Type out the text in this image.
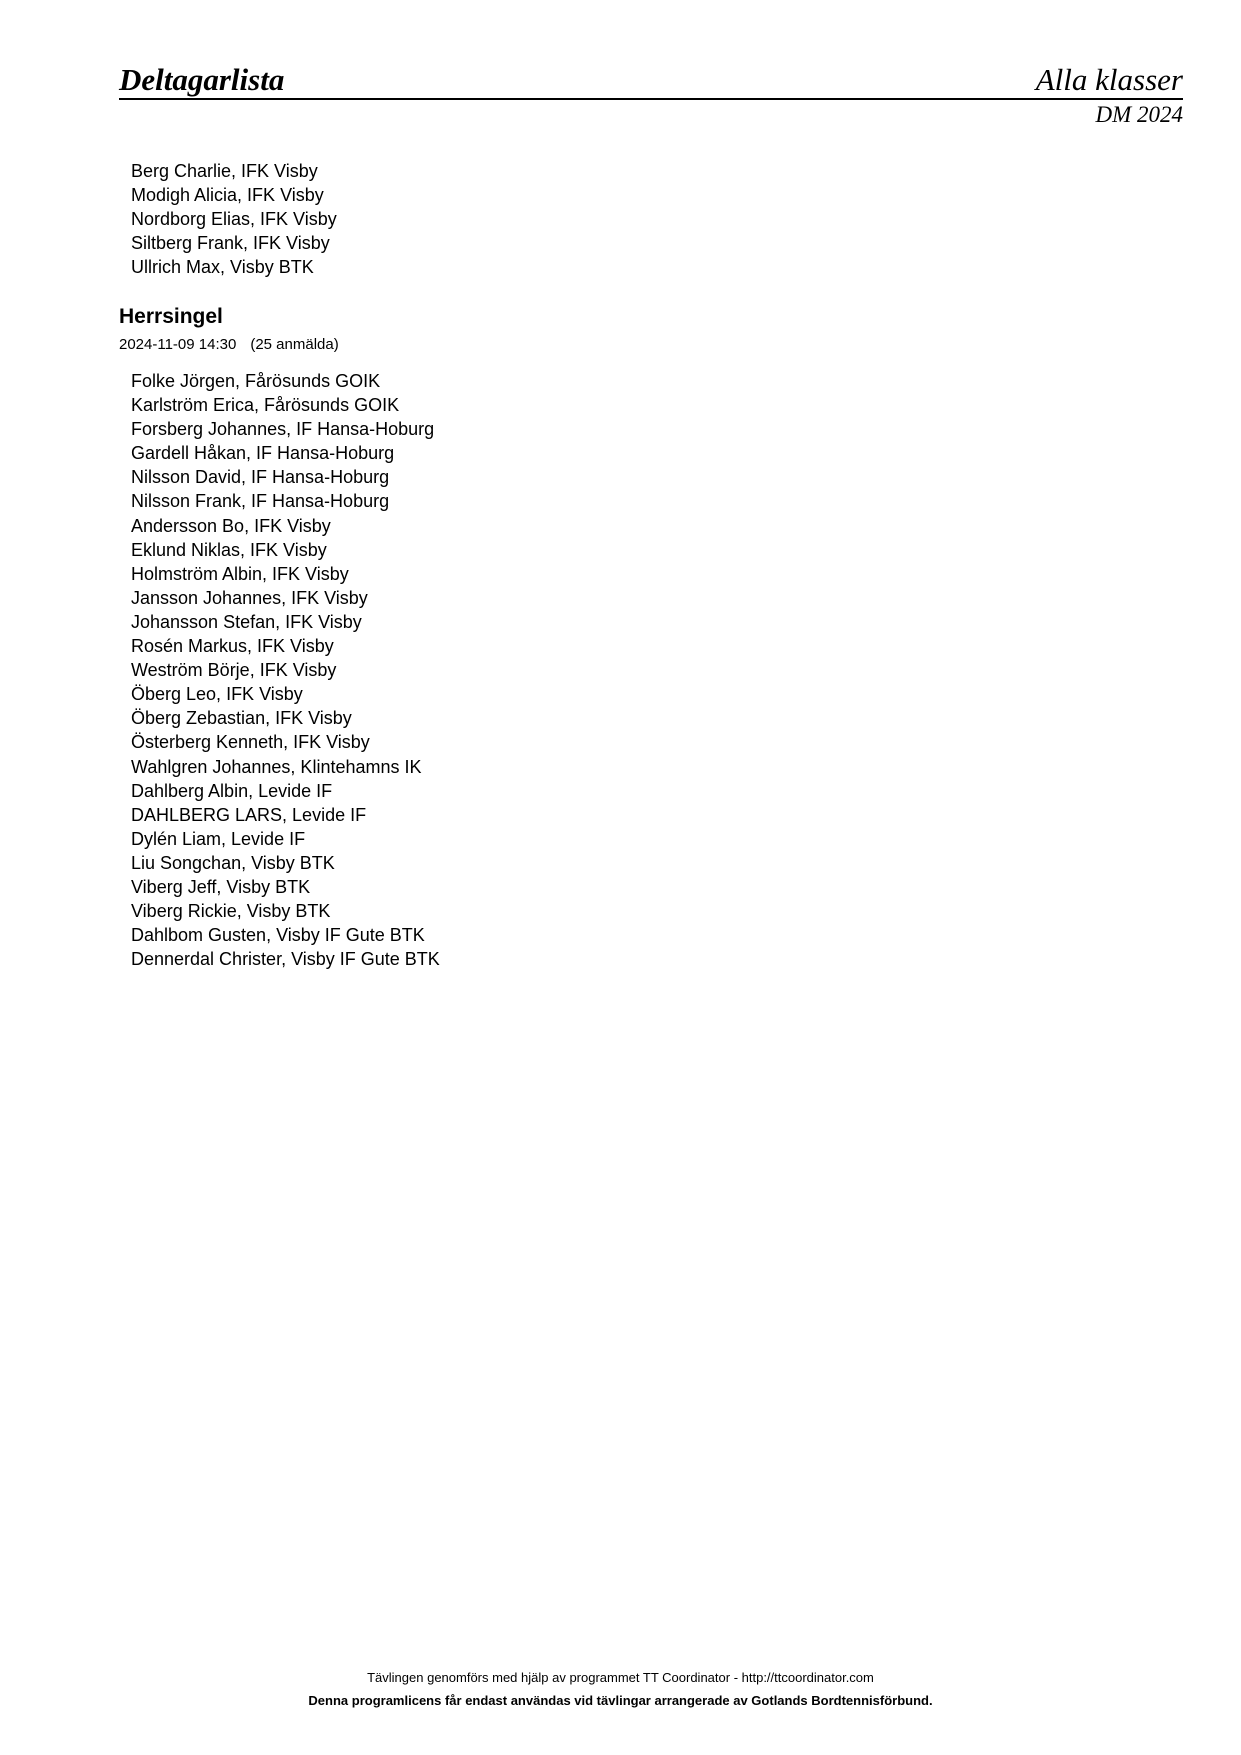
Deltagarlista	Alla klasser
DM 2024
Berg Charlie, IFK Visby
Modigh Alicia, IFK Visby
Nordborg Elias, IFK Visby
Siltberg Frank, IFK Visby
Ullrich Max, Visby BTK
Herrsingel
2024-11-09 14:30 (25 anmälda)
Folke Jörgen, Fårösunds GOIK
Karlström Erica, Fårösunds GOIK
Forsberg Johannes, IF Hansa-Hoburg
Gardell Håkan, IF Hansa-Hoburg
Nilsson David, IF Hansa-Hoburg
Nilsson Frank, IF Hansa-Hoburg
Andersson Bo, IFK Visby
Eklund Niklas, IFK Visby
Holmström Albin, IFK Visby
Jansson Johannes, IFK Visby
Johansson Stefan, IFK Visby
Rosén Markus, IFK Visby
Weström Börje, IFK Visby
Öberg Leo, IFK Visby
Öberg Zebastian, IFK Visby
Österberg Kenneth, IFK Visby
Wahlgren Johannes, Klintehamns IK
Dahlberg Albin, Levide IF
DAHLBERG LARS, Levide IF
Dylén Liam, Levide IF
Liu Songchan, Visby BTK
Viberg Jeff, Visby BTK
Viberg Rickie, Visby BTK
Dahlbom Gusten, Visby IF Gute BTK
Dennerdal Christer, Visby IF Gute BTK
Tävlingen genomförs med hjälp av programmet TT Coordinator - http://ttcoordinator.com
Denna programlicens får endast användas vid tävlingar arrangerade av Gotlands Bordtennisförbund.
